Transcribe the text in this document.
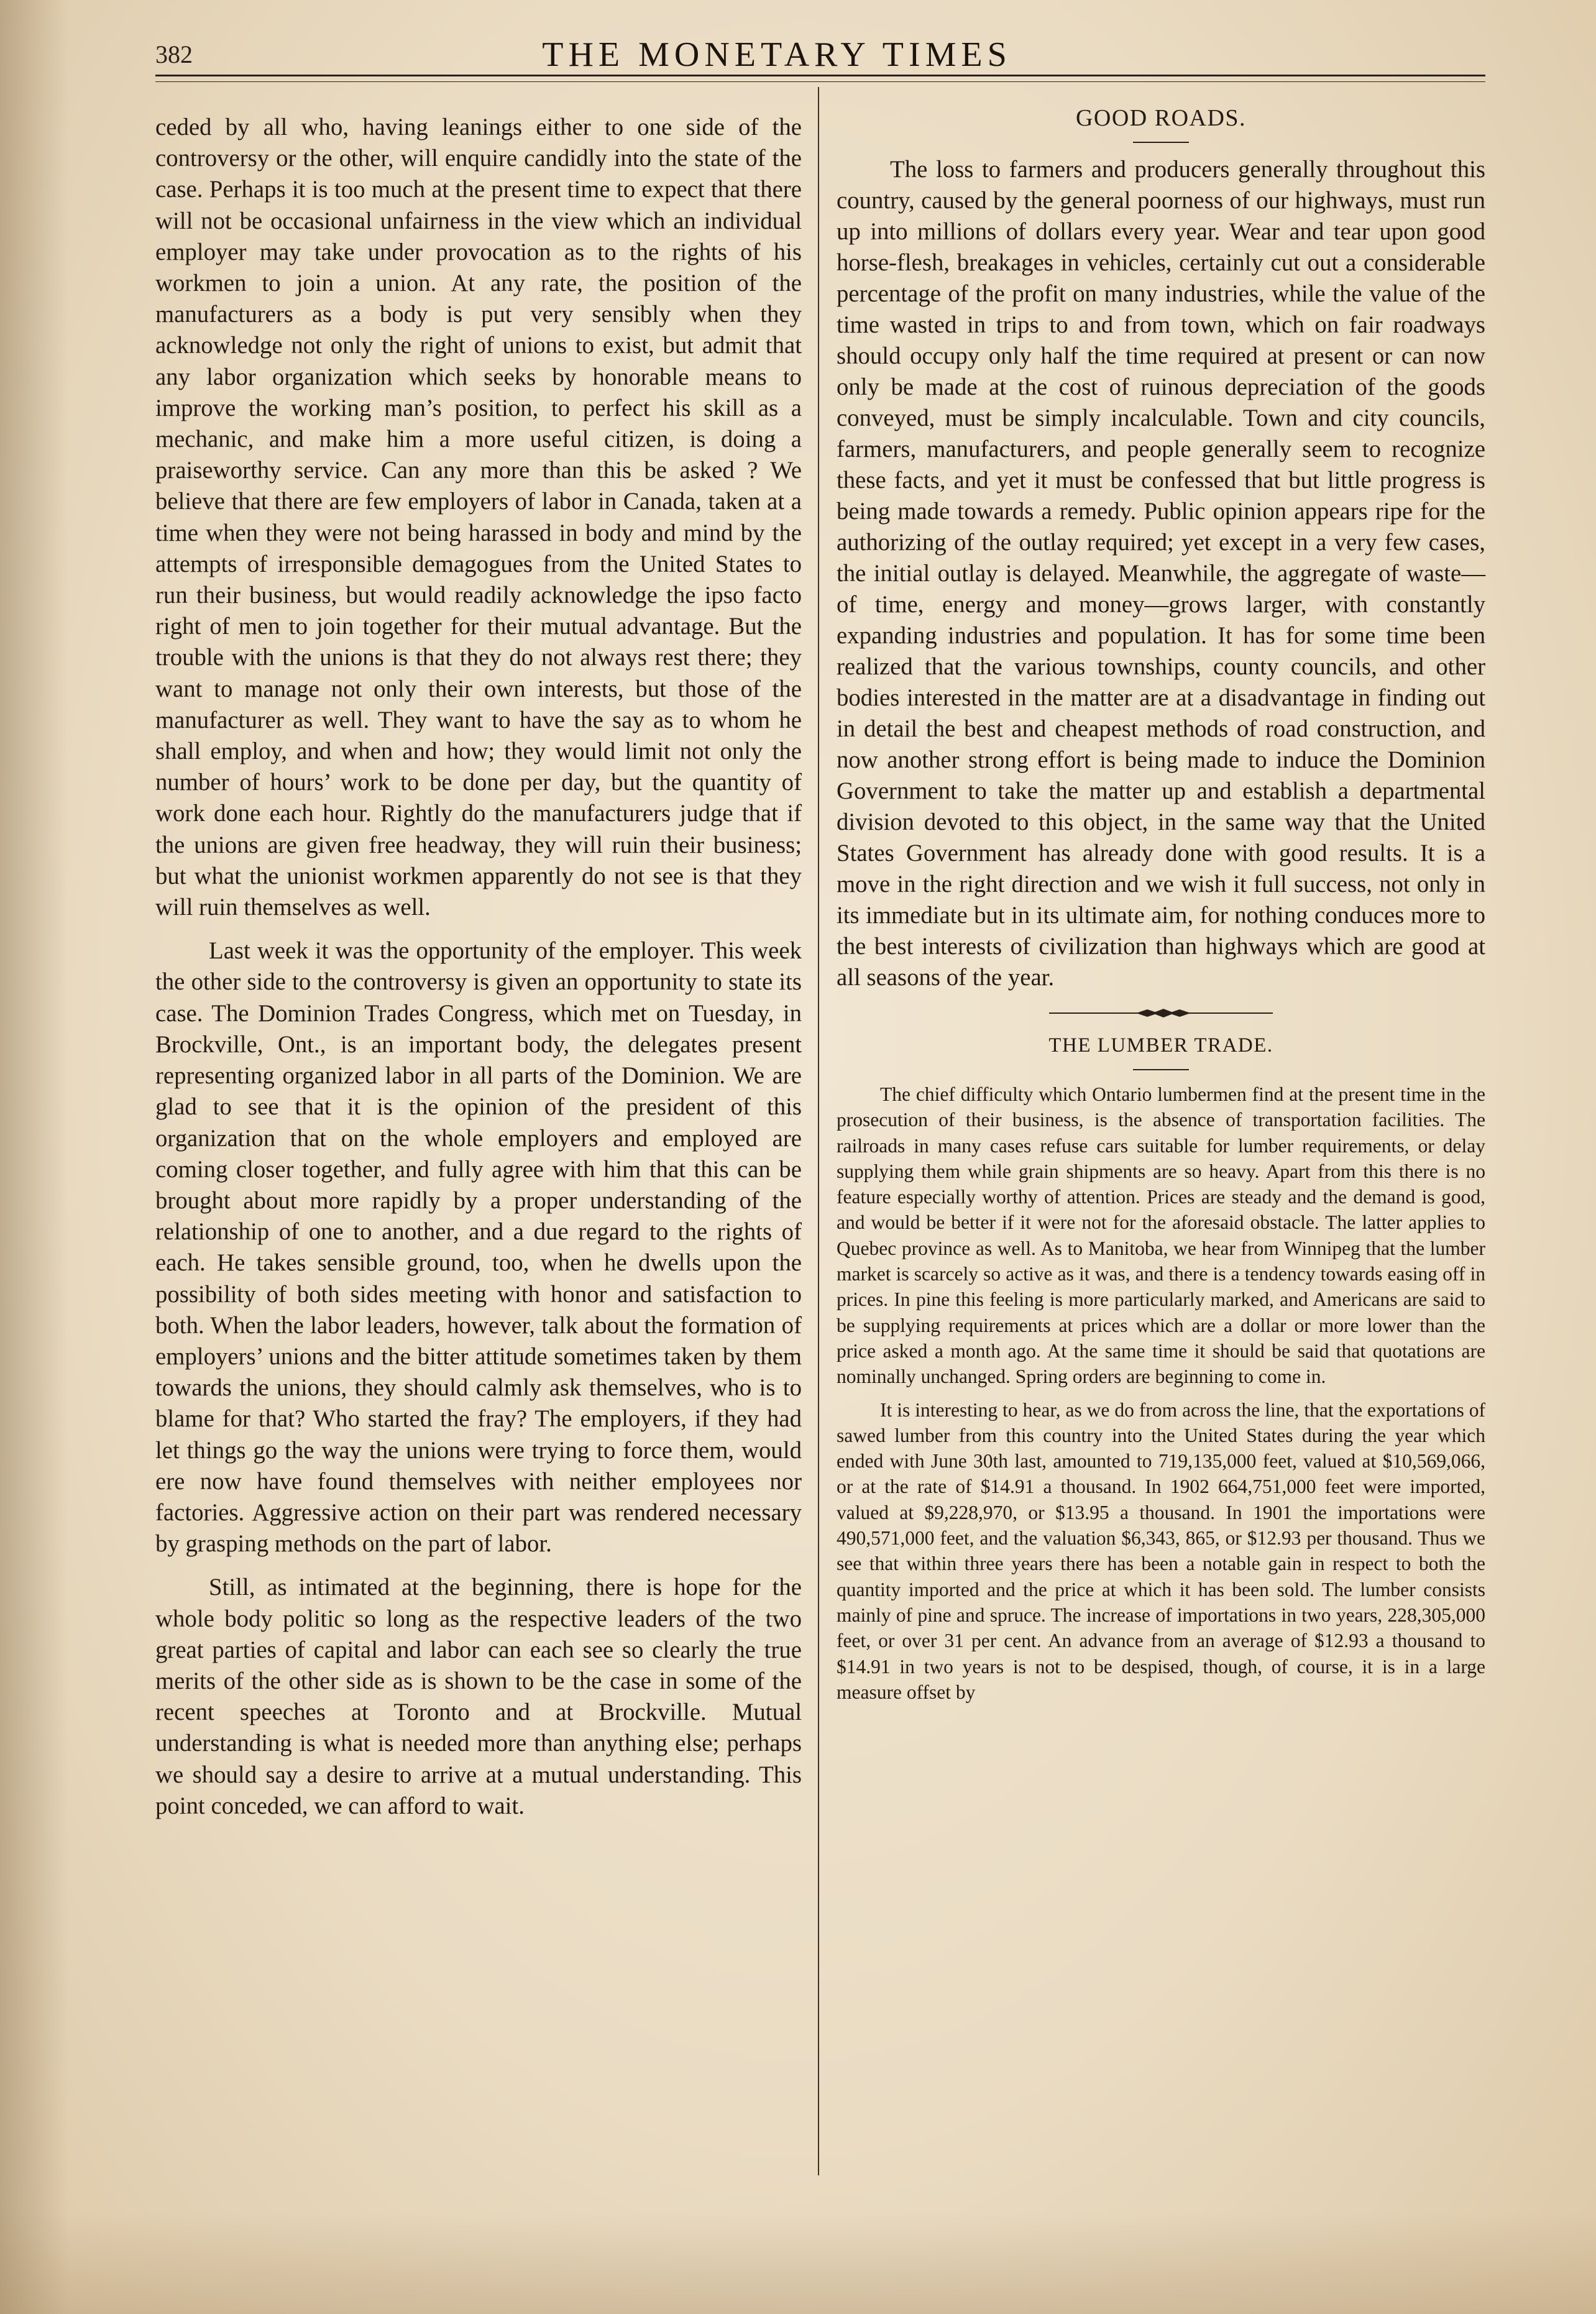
382	THE MONETARY TIMES

ceded by all who, having leanings either to one side of the controversy or the other, will enquire candidly into the state of the case. Perhaps it is too much at the present time to expect that there will not be occasional unfairness in the view which an individual employer may take under provocation as to the rights of his workmen to join a union. At any rate, the position of the manufacturers as a body is put very sensibly when they acknowledge not only the right of unions to exist, but admit that any labor organization which seeks by honorable means to improve the working man’s position, to perfect his skill as a mechanic, and make him a more useful citizen, is doing a praiseworthy service. Can any more than this be asked ? We believe that there are few employers of labor in Canada, taken at a time when they were not being harassed in body and mind by the attempts of irresponsible demagogues from the United States to run their business, but would readily acknowledge the ipso facto right of men to join together for their mutual advantage. But the trouble with the unions is that they do not always rest there; they want to manage not only their own interests, but those of the manufacturer as well. They want to have the say as to whom he shall employ, and when and how; they would limit not only the number of hours’ work to be done per day, but the quantity of work done each hour. Rightly do the manufacturers judge that if the unions are given free headway, they will ruin their business; but what the unionist workmen apparently do not see is that they will ruin themselves as well.

Last week it was the opportunity of the employer. This week the other side to the controversy is given an opportunity to state its case. The Dominion Trades Congress, which met on Tuesday, in Brockville, Ont., is an important body, the delegates present representing organized labor in all parts of the Dominion. We are glad to see that it is the opinion of the president of this organization that on the whole employers and employed are coming closer together, and fully agree with him that this can be brought about more rapidly by a proper understanding of the relationship of one to another, and a due regard to the rights of each. He takes sensible ground, too, when he dwells upon the possibility of both sides meeting with honor and satisfaction to both. When the labor leaders, however, talk about the formation of employers’ unions and the bitter attitude sometimes taken by them towards the unions, they should calmly ask themselves, who is to blame for that? Who started the fray? The employers, if they had let things go the way the unions were trying to force them, would ere now have found themselves with neither employees nor factories. Aggressive action on their part was rendered necessary by grasping methods on the part of labor.

Still, as intimated at the beginning, there is hope for the whole body politic so long as the respective leaders of the two great parties of capital and labor can each see so clearly the true merits of the other side as is shown to be the case in some of the recent speeches at Toronto and at Brockville. Mutual understanding is what is needed more than anything else; perhaps we should say a desire to arrive at a mutual understanding. This point conceded, we can afford to wait.

GOOD ROADS.

The loss to farmers and producers generally throughout this country, caused by the general poorness of our highways, must run up into millions of dollars every year. Wear and tear upon good horse-flesh, breakages in vehicles, certainly cut out a considerable percentage of the profit on many industries, while the value of the time wasted in trips to and from town, which on fair roadways should occupy only half the time required at present or can now only be made at the cost of ruinous depreciation of the goods conveyed, must be simply incalculable. Town and city councils, farmers, manufacturers, and people generally seem to recognize these facts, and yet it must be confessed that but little progress is being made towards a remedy. Public opinion appears ripe for the authorizing of the outlay required; yet except in a very few cases, the initial outlay is delayed. Meanwhile, the aggregate of waste—of time, energy and money—grows larger, with constantly expanding industries and population. It has for some time been realized that the various townships, county councils, and other bodies interested in the matter are at a disadvantage in finding out in detail the best and cheapest methods of road construction, and now another strong effort is being made to induce the Dominion Government to take the matter up and establish a departmental division devoted to this object, in the same way that the United States Government has already done with good results. It is a move in the right direction and we wish it full success, not only in its immediate but in its ultimate aim, for nothing conduces more to the best interests of civilization than highways which are good at all seasons of the year.

THE LUMBER TRADE.

The chief difficulty which Ontario lumbermen find at the present time in the prosecution of their business, is the absence of transportation facilities. The railroads in many cases refuse cars suitable for lumber requirements, or delay supplying them while grain shipments are so heavy. Apart from this there is no feature especially worthy of attention. Prices are steady and the demand is good, and would be better if it were not for the aforesaid obstacle. The latter applies to Quebec province as well. As to Manitoba, we hear from Winnipeg that the lumber market is scarcely so active as it was, and there is a tendency towards easing off in prices. In pine this feeling is more particularly marked, and Americans are said to be supplying requirements at prices which are a dollar or more lower than the price asked a month ago. At the same time it should be said that quotations are nominally unchanged. Spring orders are beginning to come in.

It is interesting to hear, as we do from across the line, that the exportations of sawed lumber from this country into the United States during the year which ended with June 30th last, amounted to 719,135,000 feet, valued at $10,569,066, or at the rate of $14.91 a thousand. In 1902 664,751,000 feet were imported, valued at $9,228,970, or $13.95 a thousand. In 1901 the importations were 490,571,000 feet, and the valuation $6,343, 865, or $12.93 per thousand. Thus we see that within three years there has been a notable gain in respect to both the quantity imported and the price at which it has been sold. The lumber consists mainly of pine and spruce. The increase of importations in two years, 228,305,000 feet, or over 31 per cent. An advance from an average of $12.93 a thousand to $14.91 in two years is not to be despised, though, of course, it is in a large measure offset by
